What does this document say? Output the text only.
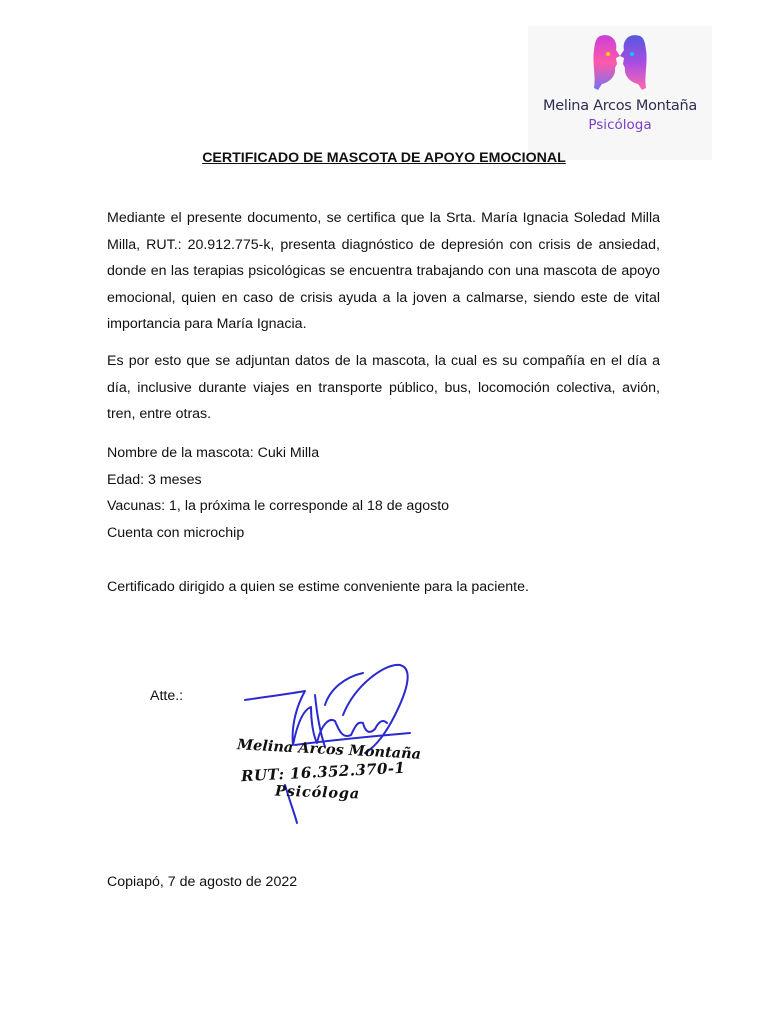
Melina Arcos Montaña
Psicóloga
CERTIFICADO DE MASCOTA DE APOYO EMOCIONAL
Mediante el presente documento, se certifica que la Srta. María Ignacia Soledad Milla Milla, RUT.: 20.912.775-k, presenta diagnóstico de depresión con crisis de ansiedad, donde en las terapias psicológicas se encuentra trabajando con una mascota de apoyo emocional, quien en caso de crisis ayuda a la joven a calmarse, siendo este de vital importancia para María Ignacia.
Es por esto que se adjuntan datos de la mascota, la cual es su compañía en el día a día, inclusive durante viajes en transporte público, bus, locomoción colectiva, avión, tren, entre otras.
Nombre de la mascota: Cuki Milla
Edad: 3 meses
Vacunas: 1, la próxima le corresponde al 18 de agosto
Cuenta con microchip
Certificado dirigido a quien se estime conveniente para la paciente.
Atte.:
Melina Arcos Montaña
RUT: 16.352.370-1
Psicóloga
Copiapó, 7 de agosto de 2022
